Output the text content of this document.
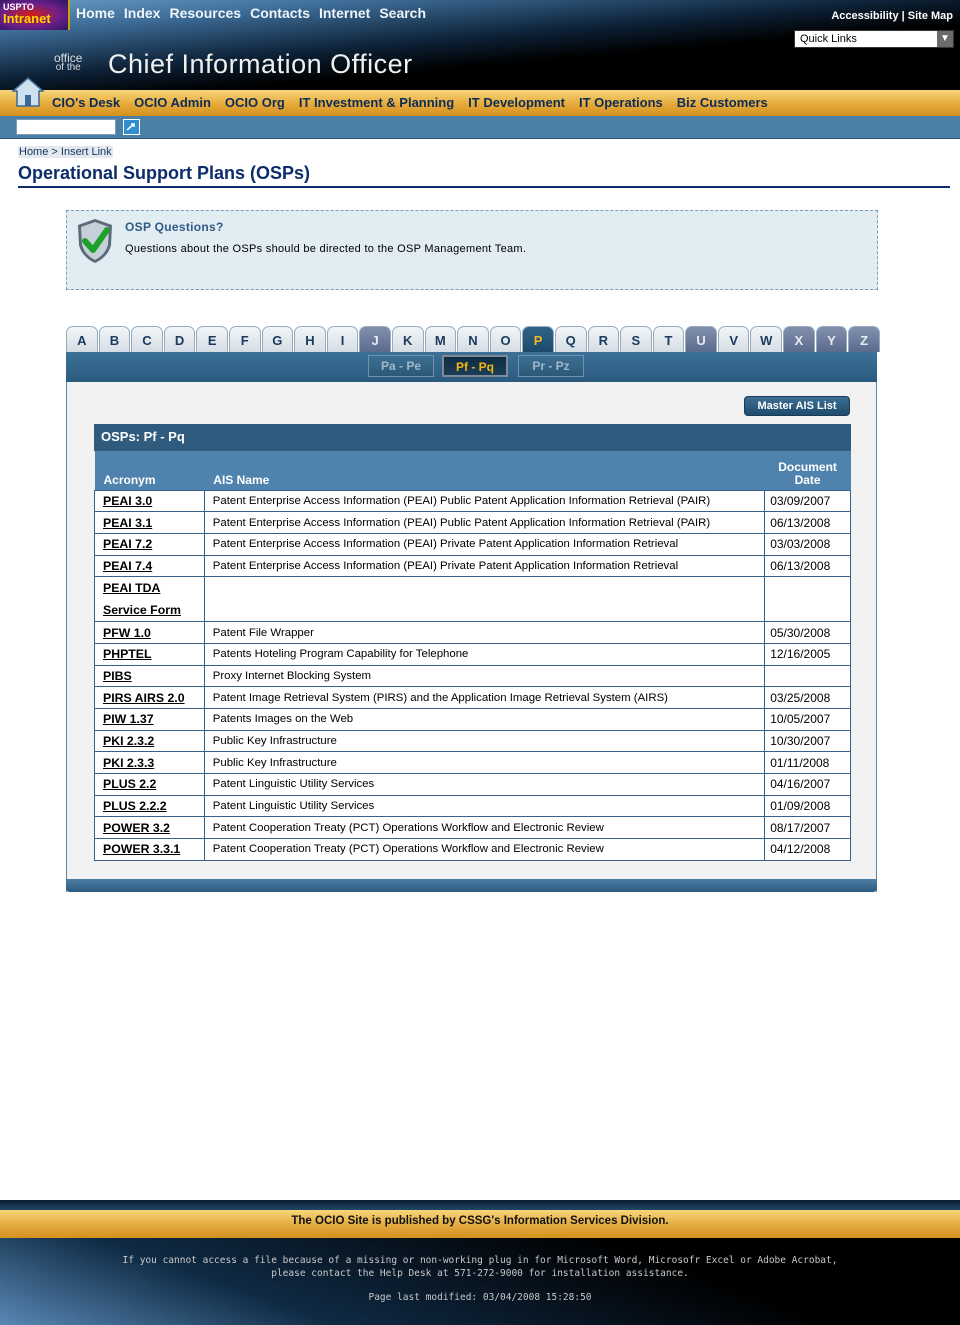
USPTO
Intranet Home Index Resources Contacts Internet Search	Accessibility | Site Map
Quick Links	▼
office
of the Chief Information Officer
CIO's Desk OCIO Admin OCIO Org IT Investment & Planning IT Development IT Operations Biz Customers
Home > Insert Link
Operational Support Plans (OSPs)
OSP Questions?

Questions about the OSPs should be directed to the OSP Management Team.

A	B	C	D	E	F	G	H	I	J	K	M	N	O	P	Q	R	S	T	U	V	W	X	Y	Z
Pa - Pe	Pf - Pq	Pr - Pz
Master AIS List
OSPs: Pf - Pq
Acronym	AIS Name	Document
Date
PEAI 3.0	Patent Enterprise Access Information (PEAI) Public Patent Application Information Retrieval (PAIR)	03/09/2007
PEAI 3.1	Patent Enterprise Access Information (PEAI) Public Patent Application Information Retrieval (PAIR)	06/13/2008
PEAI 7.2	Patent Enterprise Access Information (PEAI) Private Patent Application Information Retrieval	03/03/2008
PEAI 7.4	Patent Enterprise Access Information (PEAI) Private Patent Application Information Retrieval	06/13/2008
PEAI TDA Service Form		
PFW 1.0	Patent File Wrapper	05/30/2008
PHPTEL	Patents Hoteling Program Capability for Telephone	12/16/2005
PIBS	Proxy Internet Blocking System	
PIRS AIRS 2.0	Patent Image Retrieval System (PIRS) and the Application Image Retrieval System (AIRS)	03/25/2008
PIW 1.37	Patents Images on the Web	10/05/2007
PKI 2.3.2	Public Key Infrastructure	10/30/2007
PKI 2.3.3	Public Key Infrastructure	01/11/2008
PLUS 2.2	Patent Linguistic Utility Services	04/16/2007
PLUS 2.2.2	Patent Linguistic Utility Services	01/09/2008
POWER 3.2	Patent Cooperation Treaty (PCT) Operations Workflow and Electronic Review	08/17/2007
POWER 3.3.1	Patent Cooperation Treaty (PCT) Operations Workflow and Electronic Review	04/12/2008
The OCIO Site is published by CSSG's Information Services Division.
If you cannot access a file because of a missing or non-working plug in for Microsoft Word, Microsofr Excel or Adobe Acrobat,
please contact the Help Desk at 571-272-9000 for installation assistance.
Page last modified: 03/04/2008 15:28:50
